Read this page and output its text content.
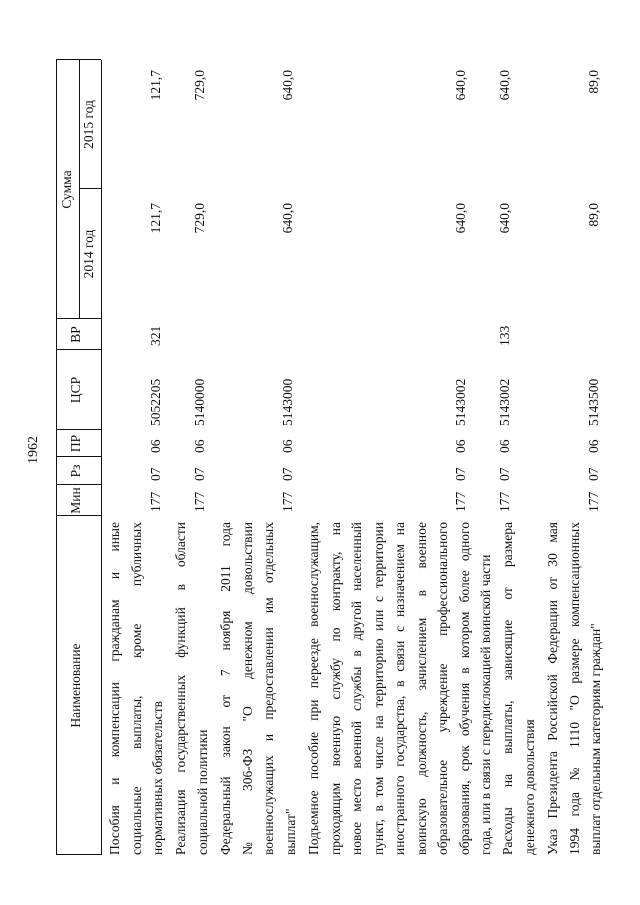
1962
Наименование
Мин
Рз
ПР
ЦСР
ВР
Сумма
2014 год
2015 год
Пособия и компенсации гражданам и иные социальные выплаты, кроме публичных нормативных обязательств
177
07
06
5052205
321
121,7
121,7
Реализация государственных функций в области социальной политики
177
07
06
5140000
729,0
729,0
Федеральный закон от 7 ноября 2011 года № 306-ФЗ "О денежном довольствии военнослужащих и предоставлении им отдельных выплат"
177
07
06
5143000
640,0
640,0
Подъемное пособие при переезде военнослужащим, проходящим военную службу по контракту, на новое место военной службы в другой населенный пункт, в том числе на территорию или с территории иностранного государства, в связи с назначением на воинскую должность, зачислением в военное образовательное учреждение профессионального образования, срок обучения в котором более одного года, или в связи с передислокацией воинской части
177
07
06
5143002
640,0
640,0
Расходы на выплаты, зависящие от размера денежного довольствия
177
07
06
5143002
133
640,0
640,0
Указ Президента Российской Федерации от 30 мая 1994 года № 1110 "О размере компенсационных выплат отдельным категориям граждан"
177
07
06
5143500
89,0
89,0
